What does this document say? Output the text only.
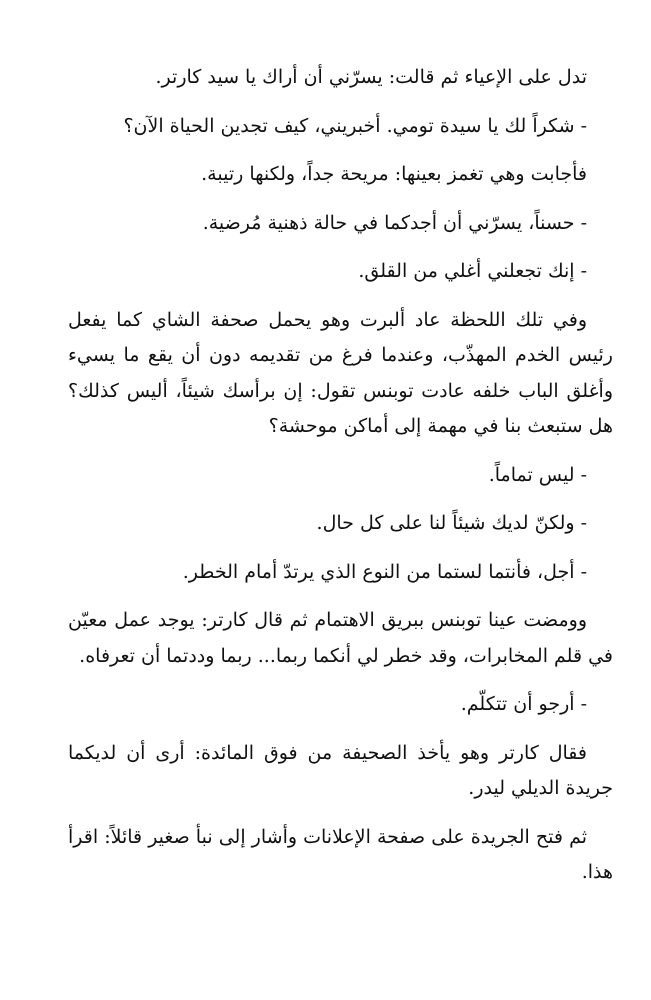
تدل على الإعياء ثم قالت: يسرّني أن أراك يا سيد كارتر.

- شكراً لك يا سيدة تومي. أخبريني، كيف تجدين الحياة الآن؟

فأجابت وهي تغمز بعينها: مريحة جداً، ولكنها رتيبة.

- حسناً، يسرّني أن أجدكما في حالة ذهنية مُرضية.

- إنك تجعلني أغلي من القلق.

وفي تلك اللحظة عاد ألبرت وهو يحمل صحفة الشاي كما يفعل رئيس الخدم المهذّب، وعندما فرغ من تقديمه دون أن يقع ما يسيء وأغلق الباب خلفه عادت توبنس تقول: إن برأسك شيئاً، أليس كذلك؟ هل ستبعث بنا في مهمة إلى أماكن موحشة؟

- ليس تماماً.

- ولكنّ لديك شيئاً لنا على كل حال.

- أجل، فأنتما لستما من النوع الذي يرتدّ أمام الخطر.

وومضت عينا توبنس ببريق الاهتمام ثم قال كارتر: يوجد عمل معيّن في قلم المخابرات، وقد خطر لي أنكما ربما... ربما وددتما أن تعرفاه.

- أرجو أن تتكلّم.

فقال كارتر وهو يأخذ الصحيفة من فوق المائدة: أرى أن لديكما جريدة الديلي ليدر.

ثم فتح الجريدة على صفحة الإعلانات وأشار إلى نبأ صغير قائلاً: اقرأ هذا.
